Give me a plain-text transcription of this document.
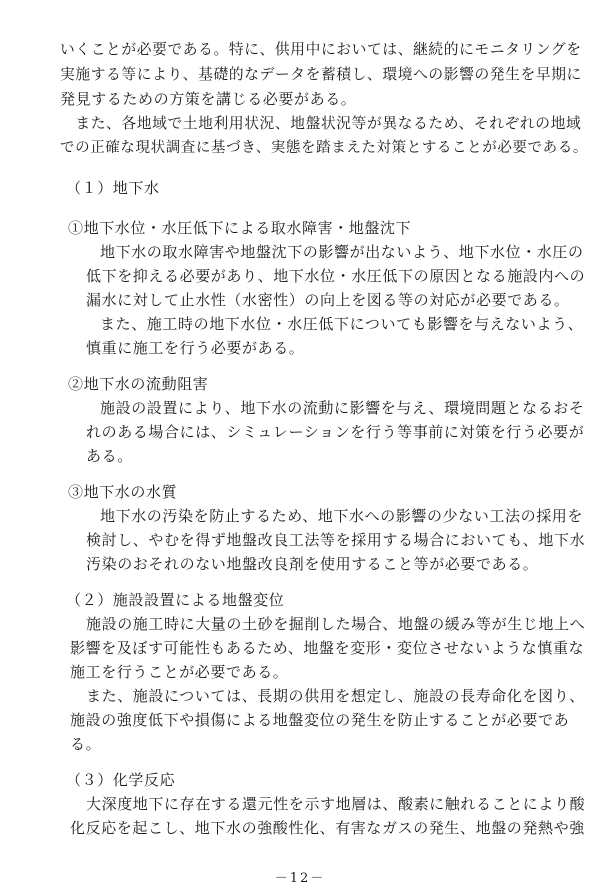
いくことが必要である。特に、供用中においては、継続的にモニタリングを

実施する等により、基礎的なデータを蓄積し、環境への影響の発生を早期に

発見するための方策を講じる必要がある。

　また、各地域で土地利用状況、地盤状況等が異なるため、それぞれの地域

での正確な現状調査に基づき、実態を踏まえた対策とすることが必要である。

（１）地下水

①地下水位・水圧低下による取水障害・地盤沈下

地下水の取水障害や地盤沈下の影響が出ないよう、地下水位・水圧の

低下を抑える必要があり、地下水位・水圧低下の原因となる施設内への

漏水に対して止水性（水密性）の向上を図る等の対応が必要である。

また、施工時の地下水位・水圧低下についても影響を与えないよう、

慎重に施工を行う必要がある。

②地下水の流動阻害

施設の設置により、地下水の流動に影響を与え、環境問題となるおそ

れのある場合には、シミュレーションを行う等事前に対策を行う必要が

ある。

③地下水の水質

地下水の汚染を防止するため、地下水への影響の少ない工法の採用を

検討し、やむを得ず地盤改良工法等を採用する場合においても、地下水

汚染のおそれのない地盤改良剤を使用すること等が必要である。

（２）施設設置による地盤変位

施設の施工時に大量の土砂を掘削した場合、地盤の緩み等が生じ地上へ

影響を及ぼす可能性もあるため、地盤を変形・変位させないような慎重な

施工を行うことが必要である。

また、施設については、長期の供用を想定し、施設の長寿命化を図り、

施設の強度低下や損傷による地盤変位の発生を防止することが必要であ

る。

（３）化学反応

大深度地下に存在する還元性を示す地層は、酸素に触れることにより酸

化反応を起こし、地下水の強酸性化、有害なガスの発生、地盤の発熱や強

－12－
